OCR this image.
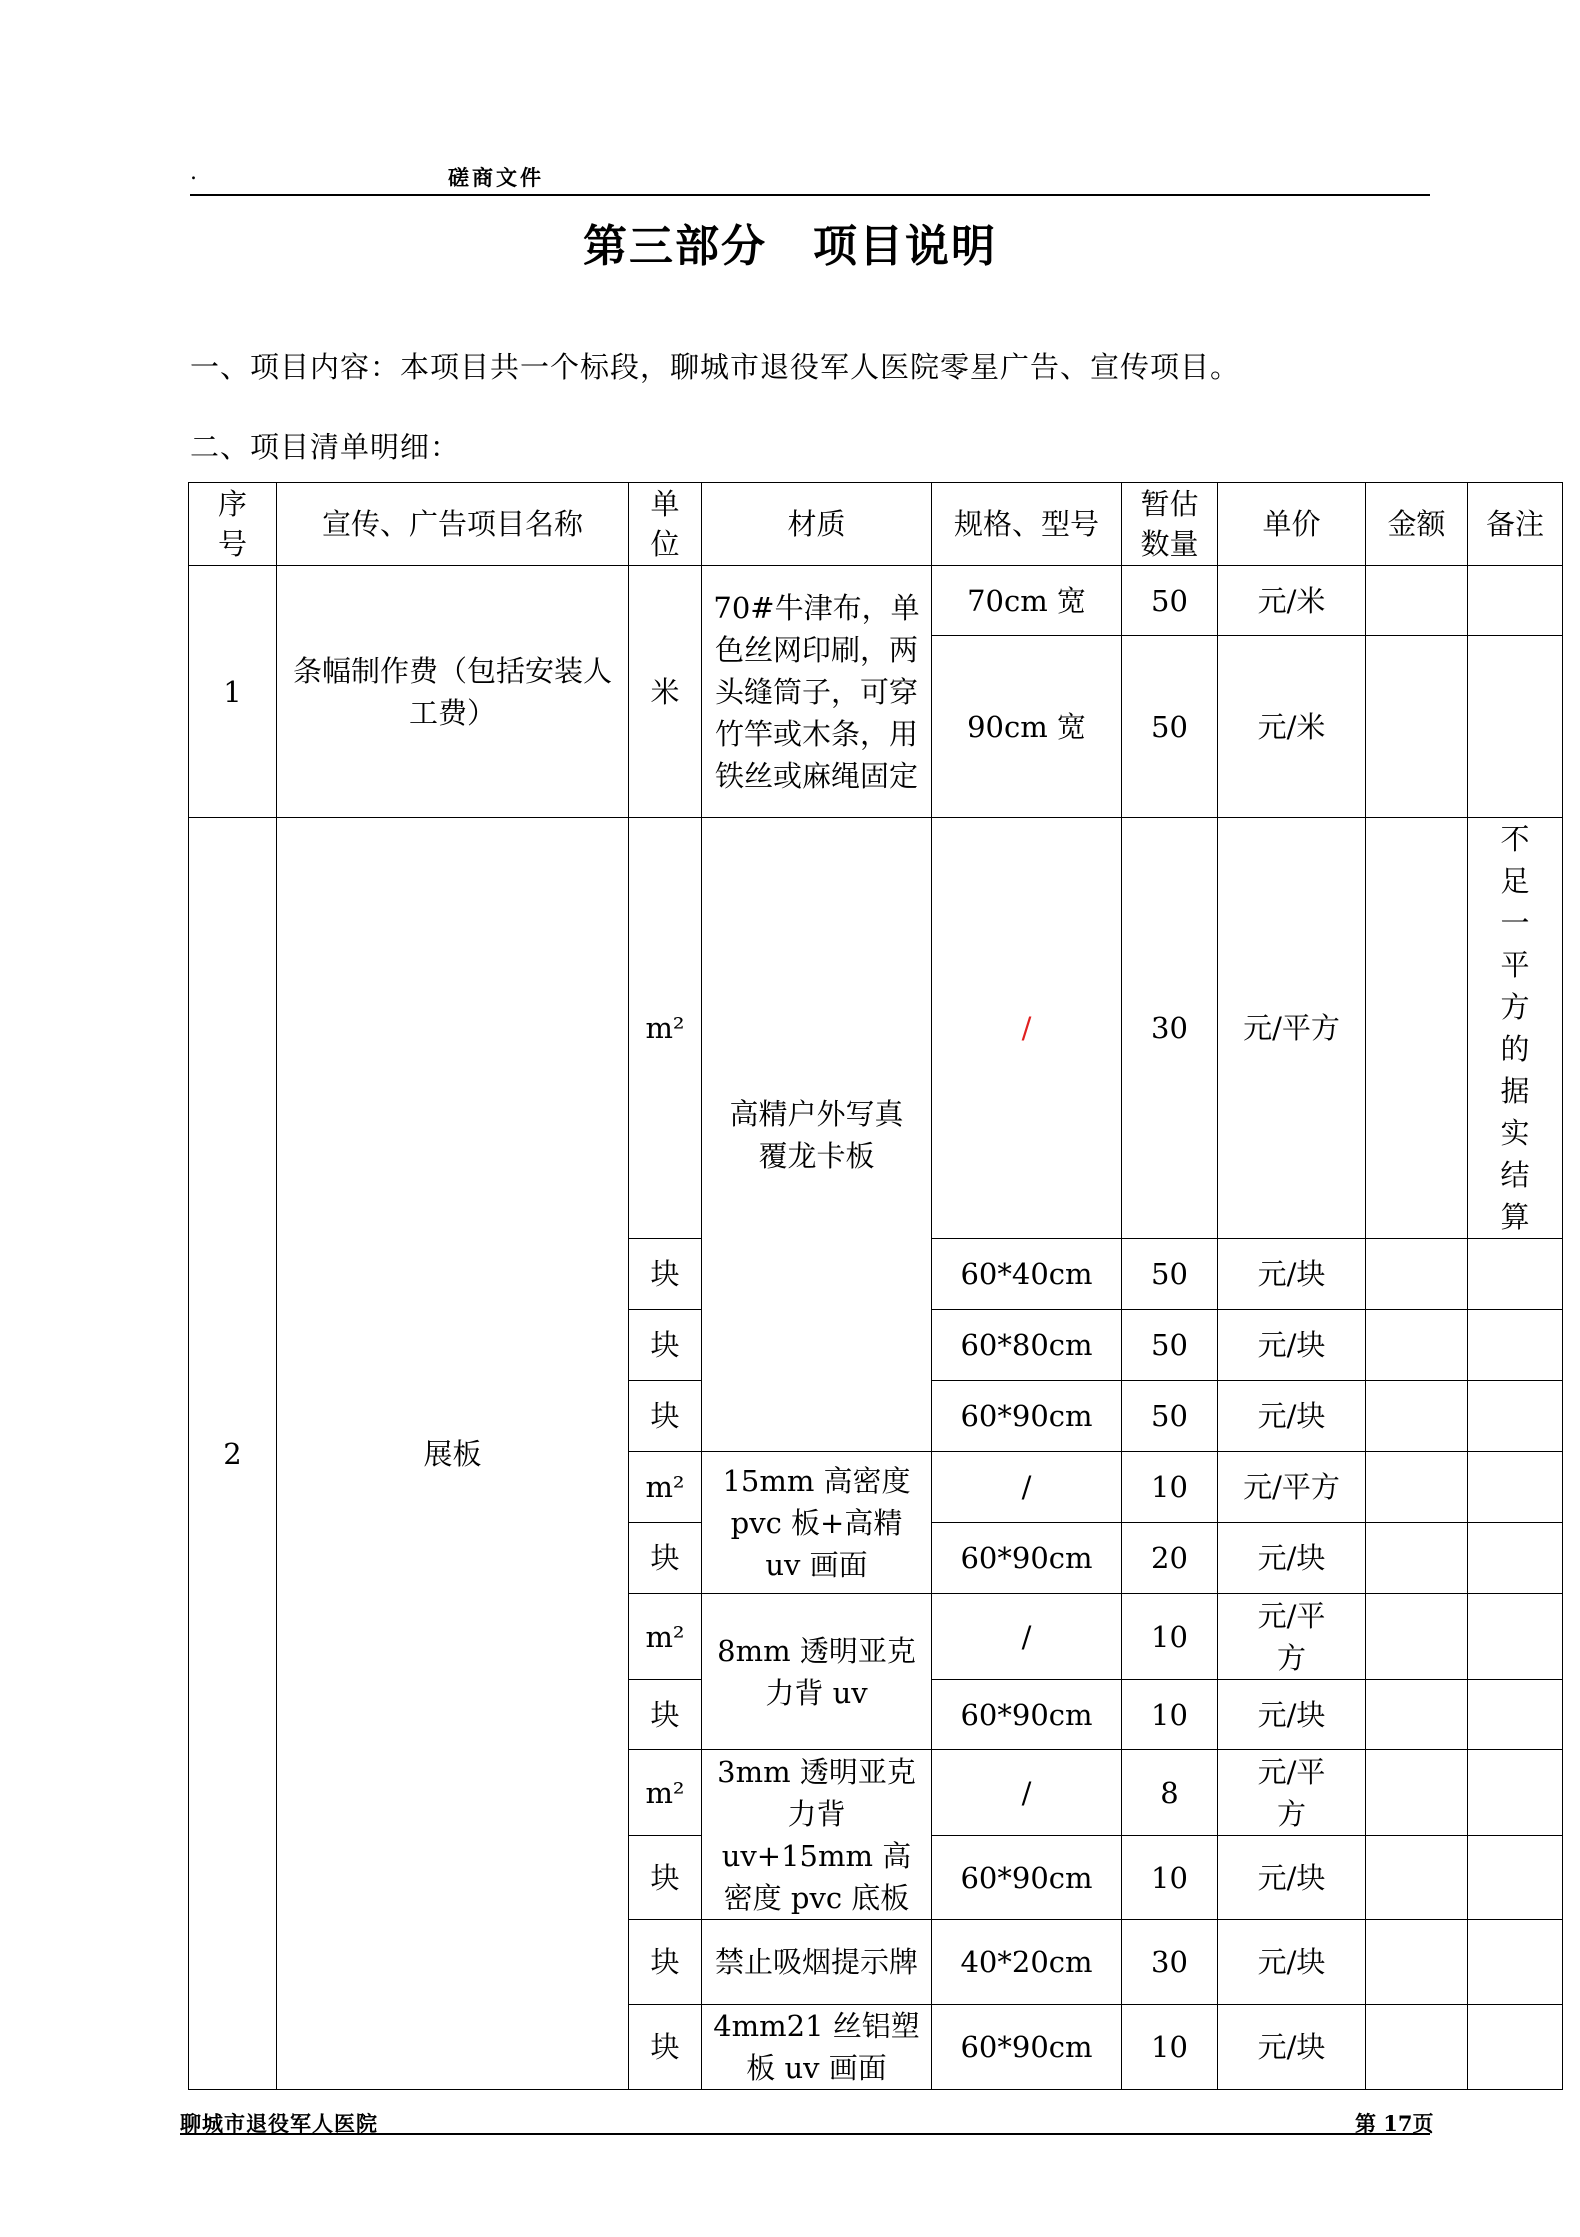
.	磋商文件
第三部分　项目说明
一、项目内容：本项目共一个标段，聊城市退役军人医院零星广告、宣传项目。
二、项目清单明细：
序号	宣传、广告项目名称	单位	材质	规格、型号	暂估数量	单价	金额	备注
1	条幅制作费（包括安装人工费）	米	70#牛津布，单色丝网印刷，两头缝筒子，可穿竹竿或木条，用铁丝或麻绳固定	70cm 宽	50	元/米		
				90cm 宽	50	元/米		
2	展板	m²	高精户外写真覆龙卡板	/	30	元/平方		不足一平方的据实结算
		块		60*40cm	50	元/块		
		块		60*80cm	50	元/块		
		块		60*90cm	50	元/块		
		m²	15mm 高密度 pvc 板+高精 uv 画面	/	10	元/平方		
		块		60*90cm	20	元/块		
		m²	8mm 透明亚克力背 uv	/	10	元/平方		
		块		60*90cm	10	元/块		
		m²	3mm 透明亚克力背 uv+15mm 高密度 pvc 底板	/	8	元/平方		
		块		60*90cm	10	元/块		
		块	禁止吸烟提示牌	40*20cm	30	元/块		
		块	4mm21 丝铝塑板 uv 画面	60*90cm	10	元/块		
聊城市退役军人医院	第 17页
